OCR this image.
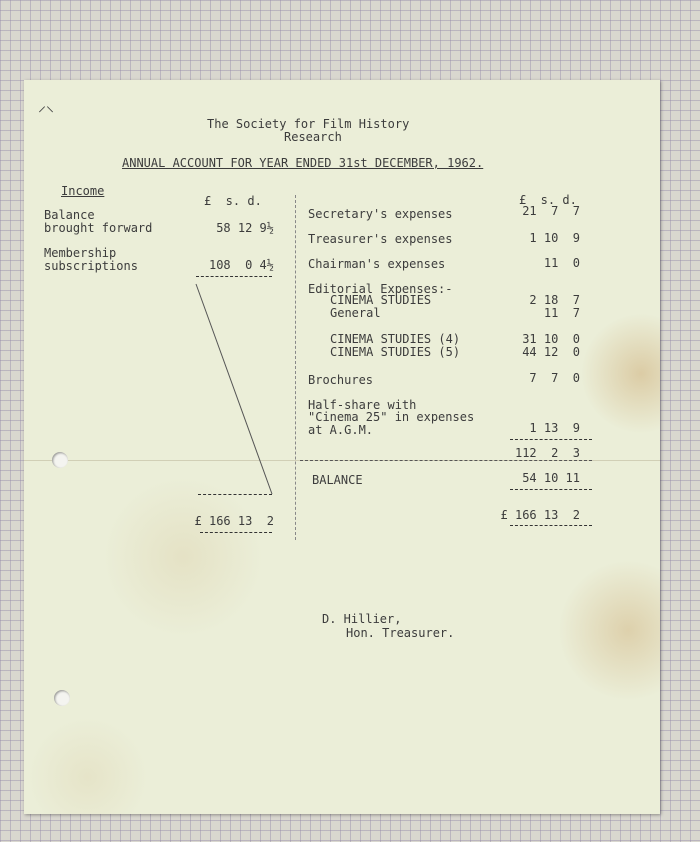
⸝⸜
The Society for Film History
Research
ANNUAL ACCOUNT FOR YEAR ENDED 31st DECEMBER, 1962.
Income
£  s. d.
Balance
brought forward	58 12 9½
Membership
subscriptions	108  0 4½
£ 166 13  2
£  s. d.
Secretary's expenses	21  7  7
Treasurer's expenses	1 10  9
Chairman's expenses	11  0
Editorial Expenses:-
CINEMA STUDIES	2 18  7
General	11  7
CINEMA STUDIES (4)	31 10  0
CINEMA STUDIES (5)	44 12  0
Brochures	7  7  0
Half-share with
"Cinema 25" in expenses
at A.G.M.	1 13  9
112  2  3
BALANCE	54 10 11
£ 166 13  2
D. Hillier,
Hon. Treasurer.
